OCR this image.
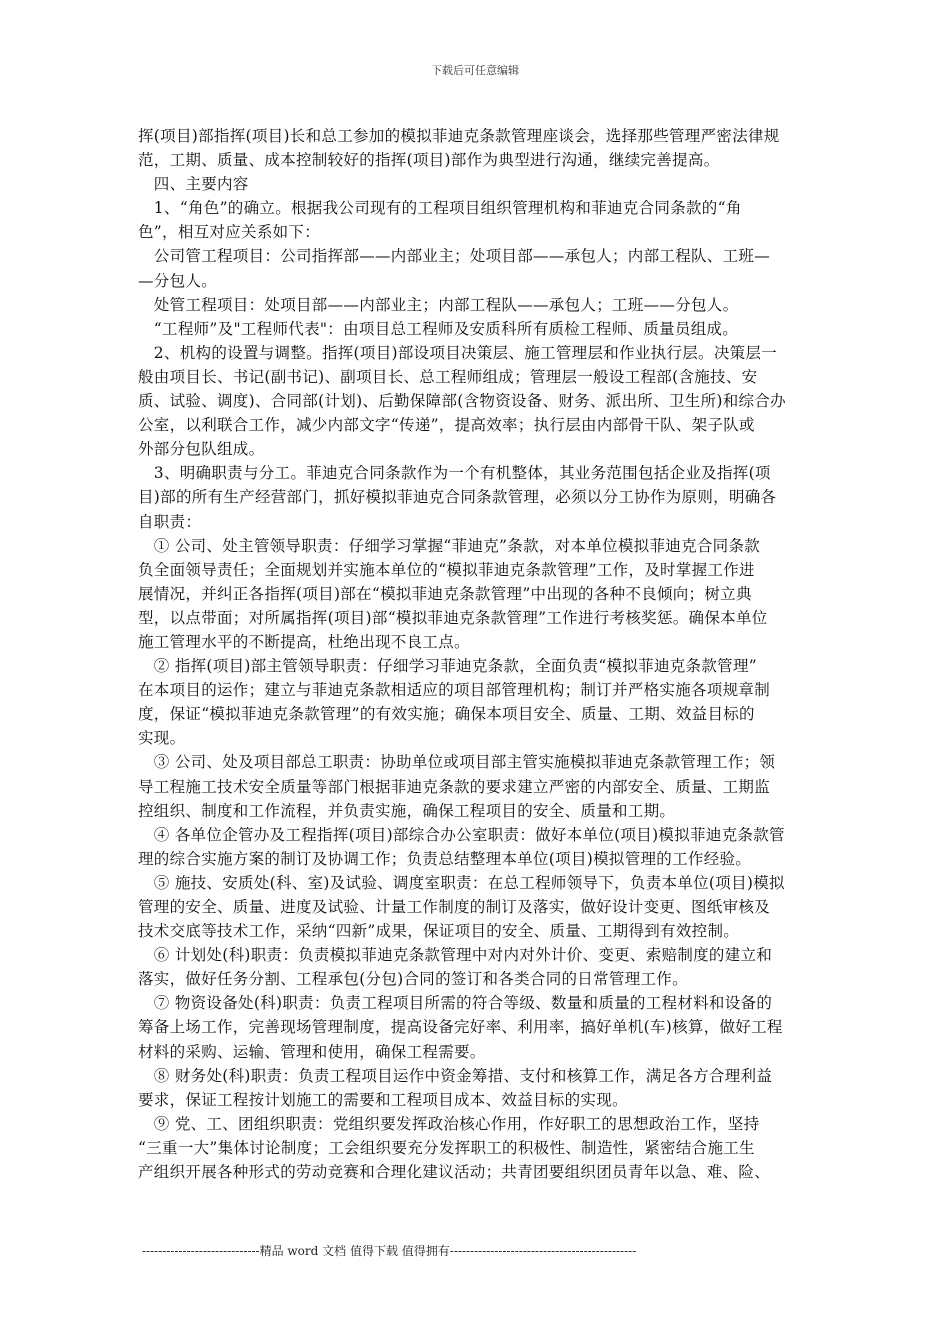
下载后可任意编辑
挥(项目)部指挥(项目)长和总工参加的模拟菲迪克条款管理座谈会，选择那些管理严密法律规
范，工期、质量、成本控制较好的指挥(项目)部作为典型进行沟通，继续完善提高。
　四、主要内容
　1、“角色”的确立。根据我公司现有的工程项目组织管理机构和菲迪克合同条款的“角
色”，相互对应关系如下：
　公司管工程项目：公司指挥部——内部业主；处项目部——承包人；内部工程队、工班—
—分包人。
　处管工程项目：处项目部——内部业主；内部工程队——承包人；工班——分包人。
　“工程师”及"工程师代表"：由项目总工程师及安质科所有质检工程师、质量员组成。
　2、机构的设置与调整。指挥(项目)部设项目决策层、施工管理层和作业执行层。决策层一
般由项目长、书记(副书记)、副项目长、总工程师组成；管理层一般设工程部(含施技、安
质、试验、调度)、合同部(计划)、后勤保障部(含物资设备、财务、派出所、卫生所)和综合办
公室，以利联合工作，减少内部文字“传递”，提高效率；执行层由内部骨干队、架子队或
外部分包队组成。
　3、明确职责与分工。菲迪克合同条款作为一个有机整体，其业务范围包括企业及指挥(项
目)部的所有生产经营部门，抓好模拟菲迪克合同条款管理，必须以分工协作为原则，明确各
自职责：
　① 公司、处主管领导职责：仔细学习掌握“菲迪克”条款，对本单位模拟菲迪克合同条款
负全面领导责任；全面规划并实施本单位的“模拟菲迪克条款管理”工作，及时掌握工作进
展情况，并纠正各指挥(项目)部在“模拟菲迪克条款管理”中出现的各种不良倾向；树立典
型，以点带面；对所属指挥(项目)部“模拟菲迪克条款管理”工作进行考核奖惩。确保本单位
施工管理水平的不断提高，杜绝出现不良工点。
　② 指挥(项目)部主管领导职责：仔细学习菲迪克条款，全面负责“模拟菲迪克条款管理”
在本项目的运作；建立与菲迪克条款相适应的项目部管理机构；制订并严格实施各项规章制
度，保证“模拟菲迪克条款管理”的有效实施；确保本项目安全、质量、工期、效益目标的
实现。
　③ 公司、处及项目部总工职责：协助单位或项目部主管实施模拟菲迪克条款管理工作；领
导工程施工技术安全质量等部门根据菲迪克条款的要求建立严密的内部安全、质量、工期监
控组织、制度和工作流程，并负责实施，确保工程项目的安全、质量和工期。
　④ 各单位企管办及工程指挥(项目)部综合办公室职责：做好本单位(项目)模拟菲迪克条款管
理的综合实施方案的制订及协调工作；负责总结整理本单位(项目)模拟管理的工作经验。
　⑤ 施技、安质处(科、室)及试验、调度室职责：在总工程师领导下，负责本单位(项目)模拟
管理的安全、质量、进度及试验、计量工作制度的制订及落实，做好设计变更、图纸审核及
技术交底等技术工作，采纳“四新”成果，保证项目的安全、质量、工期得到有效控制。
　⑥ 计划处(科)职责：负责模拟菲迪克条款管理中对内对外计价、变更、索赔制度的建立和
落实，做好任务分割、工程承包(分包)合同的签订和各类合同的日常管理工作。
　⑦ 物资设备处(科)职责：负责工程项目所需的符合等级、数量和质量的工程材料和设备的
筹备上场工作，完善现场管理制度，提高设备完好率、利用率，搞好单机(车)核算，做好工程
材料的采购、运输、管理和使用，确保工程需要。
　⑧ 财务处(科)职责：负责工程项目运作中资金筹措、支付和核算工作，满足各方合理利益
要求，保证工程按计划施工的需要和工程项目成本、效益目标的实现。
　⑨ 党、工、团组织职责：党组织要发挥政治核心作用，作好职工的思想政治工作，坚持
“三重一大”集体讨论制度；工会组织要充分发挥职工的积极性、制造性，紧密结合施工生
产组织开展各种形式的劳动竞赛和合理化建议活动；共青团要组织团员青年以急、难、险、
-----------------------------精品 word 文档 值得下载 值得拥有----------------------------------------------
